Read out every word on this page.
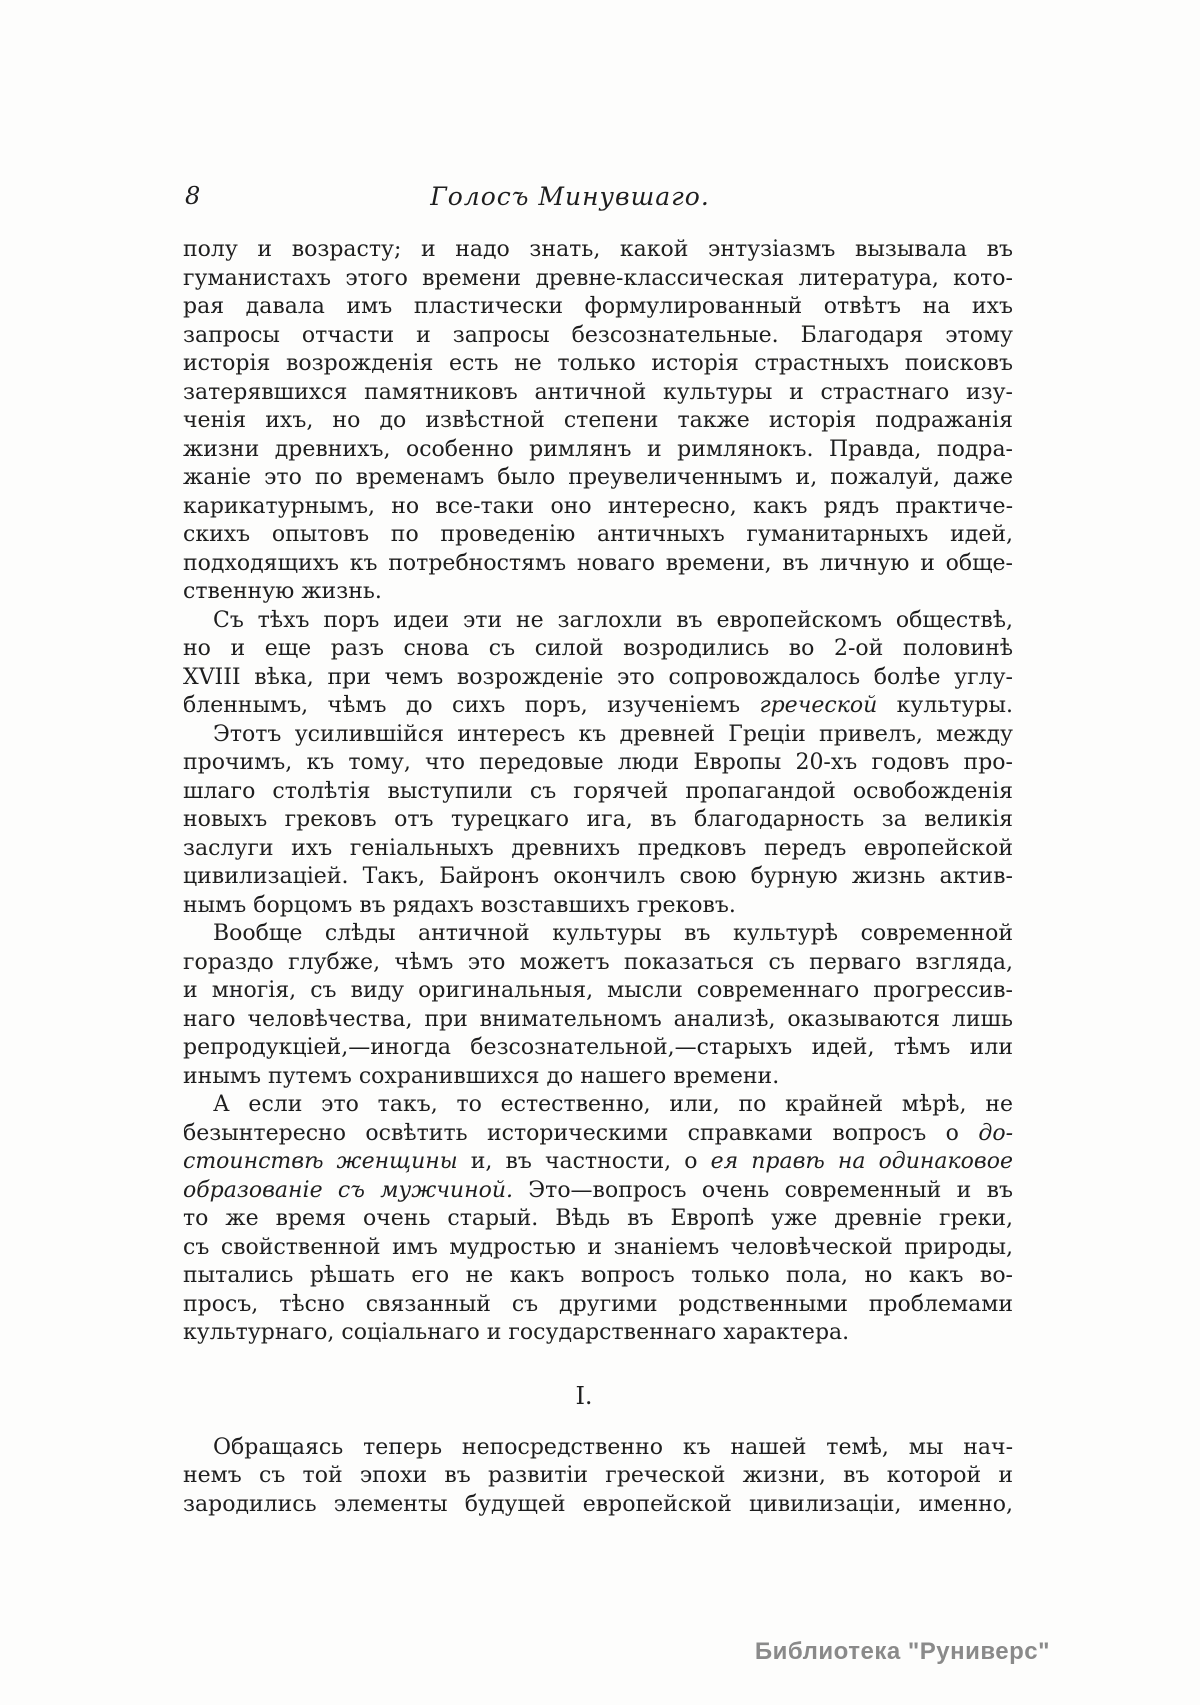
8	Голосъ Минувшаго.
полу и возрасту; и надо знать, какой энтузіазмъ вызывала въ
гуманистахъ этого времени древне-классическая литература, кото-
рая давала имъ пластически формулированный отвѣтъ на ихъ
запросы отчасти и запросы безсознательные. Благодаря этому
исторія возрожденія есть не только исторія страстныхъ поисковъ
затерявшихся памятниковъ античной культуры и страстнаго изу-
ченія ихъ, но до извѣстной степени также исторія подражанія
жизни древнихъ, особенно римлянъ и римлянокъ. Правда, подра-
жаніе это по временамъ было преувеличеннымъ и, пожалуй, даже
карикатурнымъ, но все-таки оно интересно, какъ рядъ практиче-
скихъ опытовъ по проведенію античныхъ гуманитарныхъ идей,
подходящихъ къ потребностямъ новаго времени, въ личную и обще-
ственную жизнь.
Съ тѣхъ поръ идеи эти не заглохли въ европейскомъ обществѣ,
но и еще разъ снова съ силой возродились во 2-ой половинѣ
XVIII вѣка, при чемъ возрожденіе это сопровождалось болѣе углу-
бленнымъ, чѣмъ до сихъ поръ, изученіемъ греческой культуры.
Этотъ усилившійся интересъ къ древней Греціи привелъ, между
прочимъ, къ тому, что передовые люди Европы 20-хъ годовъ про-
шлаго столѣтія выступили съ горячей пропагандой освобожденія
новыхъ грековъ отъ турецкаго ига, въ благодарность за великія
заслуги ихъ геніальныхъ древнихъ предковъ передъ европейской
цивилизаціей. Такъ, Байронъ окончилъ свою бурную жизнь актив-
нымъ борцомъ въ рядахъ возставшихъ грековъ.
Вообще слѣды античной культуры въ культурѣ современной
гораздо глубже, чѣмъ это можетъ показаться съ перваго взгляда,
и многія, съ виду оригинальныя, мысли современнаго прогрессив-
наго человѣчества, при внимательномъ анализѣ, оказываются лишь
репродукціей,—иногда безсознательной,—старыхъ идей, тѣмъ или
инымъ путемъ сохранившихся до нашего времени.
А если это такъ, то естественно, или, по крайней мѣрѣ, не
безынтересно освѣтить историческими справками вопросъ о до-
стоинствѣ женщины и, въ частности, о ея правѣ на одинаковое
образованіе съ мужчиной. Это—вопросъ очень современный и въ
то же время очень старый. Вѣдь въ Европѣ уже древніе греки,
съ свойственной имъ мудростью и знаніемъ человѣческой природы,
пытались рѣшать его не какъ вопросъ только пола, но какъ во-
просъ, тѣсно связанный съ другими родственными проблемами
культурнаго, соціальнаго и государственнаго характера.
I.
Обращаясь теперь непосредственно къ нашей темѣ, мы нач-
немъ съ той эпохи въ развитіи греческой жизни, въ которой и
зародились элементы будущей европейской цивилизаціи, именно,
Библиотека "Руниверс"
